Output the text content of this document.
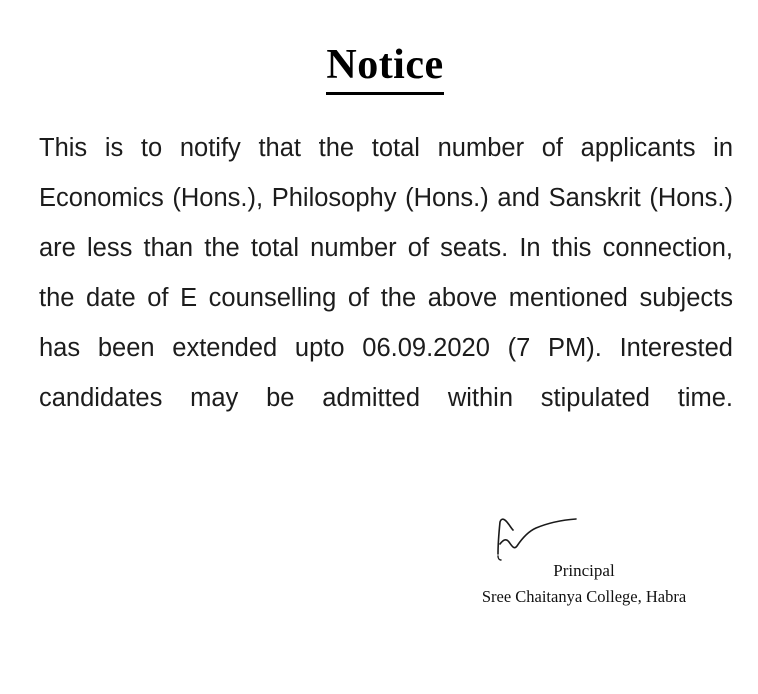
Notice

This is to notify that the total number of applicants in Economics (Hons.), Philosophy (Hons.) and Sanskrit (Hons.) are less than the total number of seats. In this connection, the date of E counselling of the above mentioned subjects has been extended upto 06.09.2020 (7 PM). Interested candidates may be admitted within stipulated time.

Principal

Sree Chaitanya College, Habra
